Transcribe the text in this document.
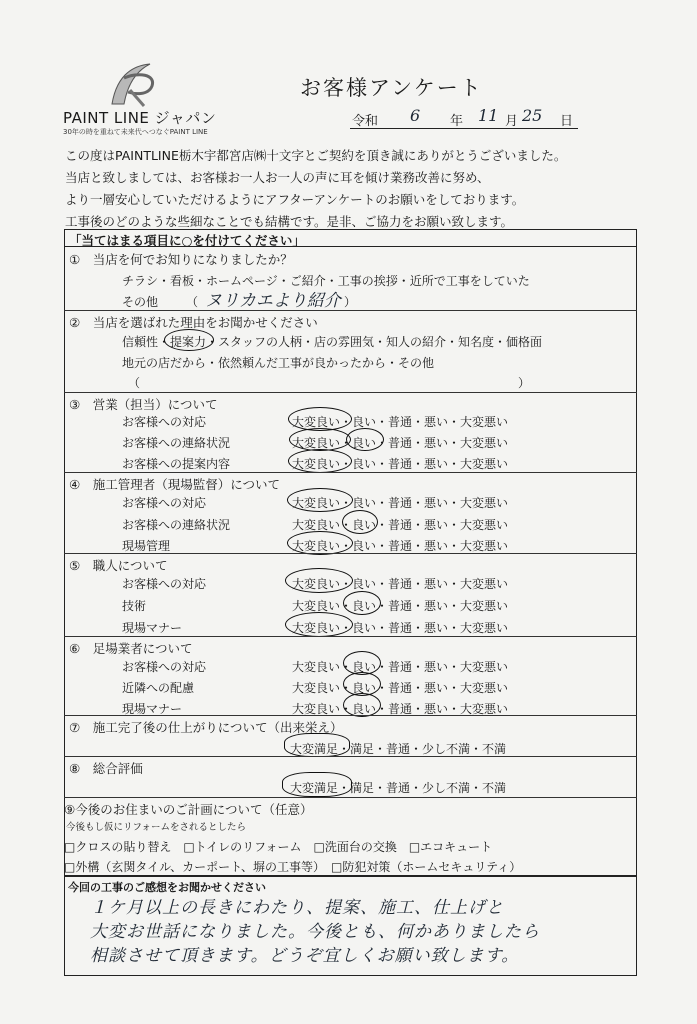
PAINT LINE ジャパン
30年の時を重ねて未来代へつなぐPAINT LINE
お客様アンケート
令和 6 年 11 月 25 日
この度はPAINTLINE栃木宇都宮店㈱十文字とご契約を頂き誠にありがとうございました。
当店と致しましては、お客様お一人お一人の声に耳を傾け業務改善に努め、
より一層安心していただけるようにアフターアンケートのお願いをしております。
工事後のどのような些細なことでも結構です。是非、ご協力をお願い致します。
「当てはまる項目に○を付けてください」
①　当店を何でお知りになりましたか？
チラシ・看板・ホームページ・ご紹介・工事の挨拶・近所で工事をしていた
その他 （ ヌリカエより紹介 ）
②　当店を選ばれた理由をお聞かせください
信頼性・提案力・スタッフの人柄・店の雰囲気・知人の紹介・知名度・価格面
地元の店だから・依然頼んだ工事が良かったから・その他
（	）
③　営業（担当）について
お客様への対応	大変良い・良い・普通・悪い・大変悪い
お客様への連絡状況	大変良い・良い・普通・悪い・大変悪い
お客様への提案内容	大変良い・良い・普通・悪い・大変悪い
④　施工管理者（現場監督）について
お客様への対応	大変良い・良い・普通・悪い・大変悪い
お客様への連絡状況	大変良い・良い・普通・悪い・大変悪い
現場管理	大変良い・良い・普通・悪い・大変悪い
⑤　職人について
お客様への対応	大変良い・良い・普通・悪い・大変悪い
技術	大変良い・良い・普通・悪い・大変悪い
現場マナー	大変良い・良い・普通・悪い・大変悪い
⑥　足場業者について
お客様への対応	大変良い・良い・普通・悪い・大変悪い
近隣への配慮	大変良い・良い・普通・悪い・大変悪い
現場マナー	大変良い・良い・普通・悪い・大変悪い
⑦　施工完了後の仕上がりについて（出来栄え）
大変満足・満足・普通・少し不満・不満
⑧　総合評価
大変満足・満足・普通・少し不満・不満
⑨今後のお住まいのご計画について（任意）
今後もし仮にリフォームをされるとしたら
□クロスの貼り替え　□トイレのリフォーム　□洗面台の交換　□エコキュート
□外構（玄関タイル、カーポート、塀の工事等）　□防犯対策（ホームセキュリティ）
今回の工事のご感想をお聞かせください
１ケ月以上の長きにわたり、提案、施工、仕上げと
大変お世話になりました。今後とも、何かありましたら
相談させて頂きます。どうぞ宜しくお願い致します。
